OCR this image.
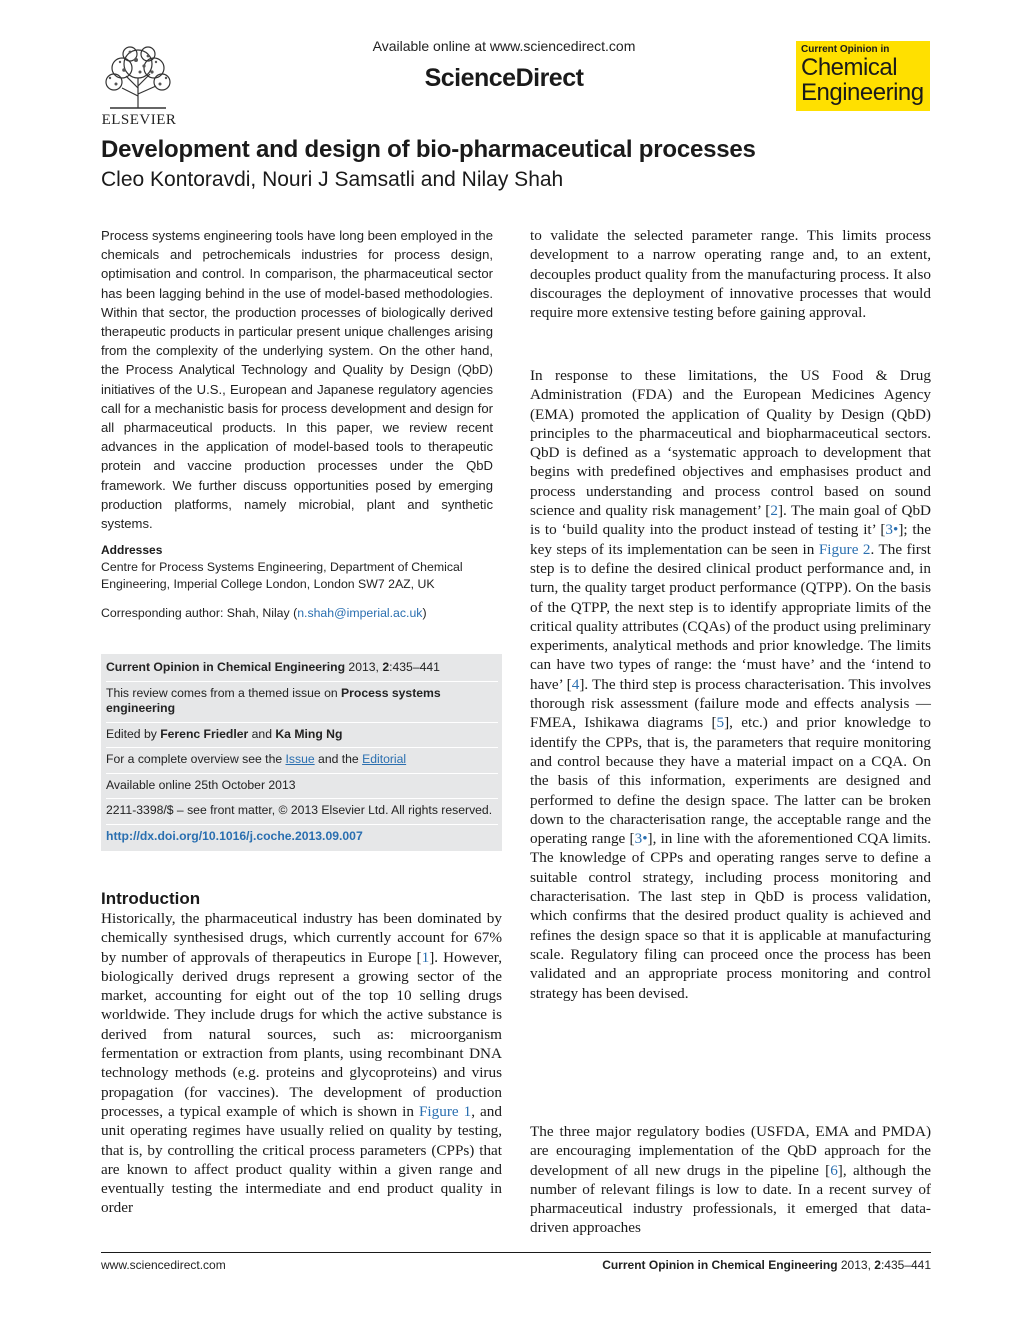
ELSEVIER
Available online at www.sciencedirect.com
ScienceDirect
Current Opinion in
Chemical
Engineering
Development and design of bio-pharmaceutical processes
Cleo Kontoravdi, Nouri J Samsatli and Nilay Shah
Process systems engineering tools have long been employed in the chemicals and petrochemicals industries for process design, optimisation and control. In comparison, the pharmaceutical sector has been lagging behind in the use of model-based methodologies. Within that sector, the production processes of biologically derived therapeutic products in particular present unique challenges arising from the complexity of the underlying system. On the other hand, the Process Analytical Technology and Quality by Design (QbD) initiatives of the U.S., European and Japanese regulatory agencies call for a mechanistic basis for process development and design for all pharmaceutical products. In this paper, we review recent advances in the application of model-based tools to therapeutic protein and vaccine production processes under the QbD framework. We further discuss opportunities posed by emerging production platforms, namely microbial, plant and synthetic systems.
Addresses
Centre for Process Systems Engineering, Department of Chemical Engineering, Imperial College London, London SW7 2AZ, UK
Corresponding author: Shah, Nilay (n.shah@imperial.ac.uk)
Current Opinion in Chemical Engineering 2013, 2:435–441
This review comes from a themed issue on Process systems engineering
Edited by Ferenc Friedler and Ka Ming Ng
For a complete overview see the Issue and the Editorial
Available online 25th October 2013
2211-3398/$ – see front matter, © 2013 Elsevier Ltd. All rights reserved.
http://dx.doi.org/10.1016/j.coche.2013.09.007
Introduction
Historically, the pharmaceutical industry has been dominated by chemically synthesised drugs, which currently account for 67% by number of approvals of therapeutics in Europe [1]. However, biologically derived drugs represent a growing sector of the market, accounting for eight out of the top 10 selling drugs worldwide. They include drugs for which the active substance is derived from natural sources, such as: microorganism fermentation or extraction from plants, using recombinant DNA technology methods (e.g. proteins and glycoproteins) and virus propagation (for vaccines). The development of production processes, a typical example of which is shown in Figure 1, and unit operating regimes have usually relied on quality by testing, that is, by controlling the critical process parameters (CPPs) that are known to affect product quality within a given range and eventually testing the intermediate and end product quality in order
to validate the selected parameter range. This limits process development to a narrow operating range and, to an extent, decouples product quality from the manufacturing process. It also discourages the deployment of innovative processes that would require more extensive testing before gaining approval.
In response to these limitations, the US Food & Drug Administration (FDA) and the European Medicines Agency (EMA) promoted the application of Quality by Design (QbD) principles to the pharmaceutical and biopharmaceutical sectors. QbD is defined as a ‘systematic approach to development that begins with predefined objectives and emphasises product and process understanding and process control based on sound science and quality risk management’ [2]. The main goal of QbD is to ‘build quality into the product instead of testing it’ [3•]; the key steps of its implementation can be seen in Figure 2. The first step is to define the desired clinical product performance and, in turn, the quality target product performance (QTPP). On the basis of the QTPP, the next step is to identify appropriate limits of the critical quality attributes (CQAs) of the product using preliminary experiments, analytical methods and prior knowledge. The limits can have two types of range: the ‘must have’ and the ‘intend to have’ [4]. The third step is process characterisation. This involves thorough risk assessment (failure mode and effects analysis — FMEA, Ishikawa diagrams [5], etc.) and prior knowledge to identify the CPPs, that is, the parameters that require monitoring and control because they have a material impact on a CQA. On the basis of this information, experiments are designed and performed to define the design space. The latter can be broken down to the characterisation range, the acceptable range and the operating range [3•], in line with the aforementioned CQA limits. The knowledge of CPPs and operating ranges serve to define a suitable control strategy, including process monitoring and characterisation. The last step in QbD is process validation, which confirms that the desired product quality is achieved and refines the design space so that it is applicable at manufacturing scale. Regulatory filing can proceed once the process has been validated and an appropriate process monitoring and control strategy has been devised.
The three major regulatory bodies (USFDA, EMA and PMDA) are encouraging implementation of the QbD approach for the development of all new drugs in the pipeline [6], although the number of relevant filings is low to date. In a recent survey of pharmaceutical industry professionals, it emerged that data-driven approaches
www.sciencedirect.com	Current Opinion in Chemical Engineering 2013, 2:435–441
